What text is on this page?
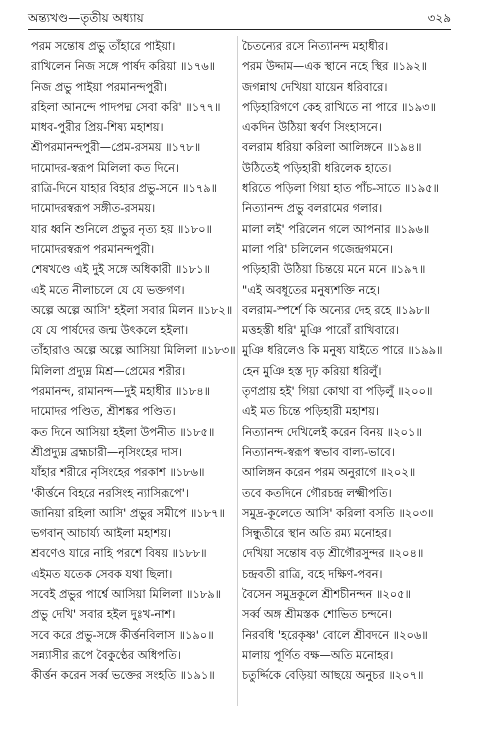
অন্ত্যখণ্ড—তৃতীয় অধ্যায়	৩২৯
পরম সন্তোষ প্রভু তাঁহারে পাইয়া।
রাখিলেন নিজ সঙ্গে পার্ষদ করিয়া ॥১৭৬॥
নিজ প্রভু পাইয়া পরমানন্দপুরী।
রহিলা আনন্দে পাদপদ্ম সেবা করি' ॥১৭৭॥
মাধব-পুরীর প্রিয়-শিষ্য মহাশয়।
শ্রীপরমানন্দপুরী—প্রেম-রসময় ॥১৭৮॥
দামোদর-স্বরূপ মিলিলা কত দিনে।
রাত্রি-দিনে যাহার বিহার প্রভু-সনে ॥১৭৯॥
দামোদরস্বরূপ সঙ্গীত-রসময়।
যার ধ্বনি শুনিলে প্রভুর নৃত্য হয় ॥১৮০॥
দামোদরস্বরূপ পরমানন্দপুরী।
শেষখণ্ডে এই দুই সঙ্গে অধিকারী ॥১৮১॥
এই মতে নীলাচলে যে যে ভক্তগণ।
অল্পে অল্পে আসি' হইলা সবার মিলন ॥১৮২॥
যে যে পার্ষদের জন্ম উৎকলে হইলা।
তাঁহারাও অল্পে অল্পে আসিয়া মিলিলা ॥১৮৩॥
মিলিলা প্রদ্যুম্ন মিশ্র—প্রেমের শরীর।
পরমানন্দ, রামানন্দ—দুই মহাধীর ॥১৮৪॥
দামোদর পণ্ডিত, শ্রীশঙ্কর পণ্ডিত।
কত দিনে আসিয়া হইলা উপনীত ॥১৮৫॥
শ্রীপ্রদ্যুম্ন ব্রহ্মচারী—নৃসিংহের দাস।
যাঁহার শরীরে নৃসিংহের পরকাশ ॥১৮৬॥
'কীর্ত্তনে বিহরে নরসিংহ ন্যাসিরূপে'।
জানিয়া রহিলা আসি' প্রভুর সমীপে ॥১৮৭॥
ভগবান্‌ আচার্য্য আইলা মহাশয়।
শ্রবণেও যারে নাহি পরশে বিষয় ॥১৮৮॥
এইমত যতেক সেবক যথা ছিলা।
সবেই প্রভুর পার্শ্বে আসিয়া মিলিলা ॥১৮৯॥
প্রভু দেখি' সবার হইল দুঃখ-নাশ।
সবে করে প্রভু-সঙ্গে কীর্ত্তনবিলাস ॥১৯০॥
সন্ন্যাসীর রূপে বৈকুণ্ঠের অধিপতি।
কীর্ত্তন করেন সর্ব্ব ভক্তের সংহতি ॥১৯১॥
চৈতন্যের রসে নিত্যানন্দ মহাধীর।
পরম উদ্দাম—এক স্থানে নহে স্থির ॥১৯২॥
জগন্নাথ দেখিয়া যায়েন ধরিবারে।
পড়িহারিগণে কেহ রাখিতে না পারে ॥১৯৩॥
একদিন উঠিয়া স্বর্বণ সিংহাসনে।
বলরাম ধরিয়া করিলা আলিঙ্গনে ॥১৯৪॥
উঠিতেই পড়িহারী ধরিলেক হাতে।
ধরিতে পড়িলা গিয়া হাত পাঁচ-সাতে ॥১৯৫॥
নিত্যানন্দ প্রভু বলরামের গলার।
মালা লই' পরিলেন গলে আপনার ॥১৯৬॥
মালা পরি' চলিলেন গজেন্দ্রগমনে।
পড়িহারী উঠিয়া চিন্তয়ে মনে মনে ॥১৯৭॥
"এই অবধূতের মনুষ্যশক্তি নহে।
বলরাম-স্পর্শে কি অন্যের দেহ রহে ॥১৯৮॥
মত্তহস্তী ধরি' মুঞি পারোঁ রাখিবারে।
মুঞি ধরিলেও কি মনুষ্য যাইতে পারে ॥১৯৯॥
হেন মুঞি হস্ত দৃঢ় করিয়া ধরিলুঁ।
তৃণপ্রায় হই' গিয়া কোথা বা পড়িলুঁ ॥২০০॥
এই মত চিন্তে পড়িহারী মহাশয়।
নিত্যানন্দ দেখিলেই করেন বিনয় ॥২০১॥
নিত্যানন্দ-স্বরূপ স্বভাব বাল্য-ভাবে।
আলিঙ্গন করেন পরম অনুরাগে ॥২০২॥
তবে কতদিনে গৌরচন্দ্র লক্ষ্মীপতি।
সমুদ্র-কূলেতে আসি' করিলা বসতি ॥২০৩॥
সিন্ধুতীরে স্থান অতি রম্য মনোহর।
দেখিয়া সন্তোষ বড় শ্রীগৌরসুন্দর ॥২০৪॥
চন্দ্রবতী রাত্রি, বহে দক্ষিণ-পবন।
বৈসেন সমুদ্রকূলে শ্রীশচীনন্দন ॥২০৫॥
সর্ব্ব অঙ্গ শ্রীমস্তক শোভিত চন্দনে।
নিরবধি 'হরেকৃষ্ণ' বোলে শ্রীবদনে ॥২০৬॥
মালায় পূর্ণিত বক্ষ—অতি মনোহর।
চতুর্দ্দিকে বেড়িয়া আছয়ে অনুচর ॥২০৭॥
